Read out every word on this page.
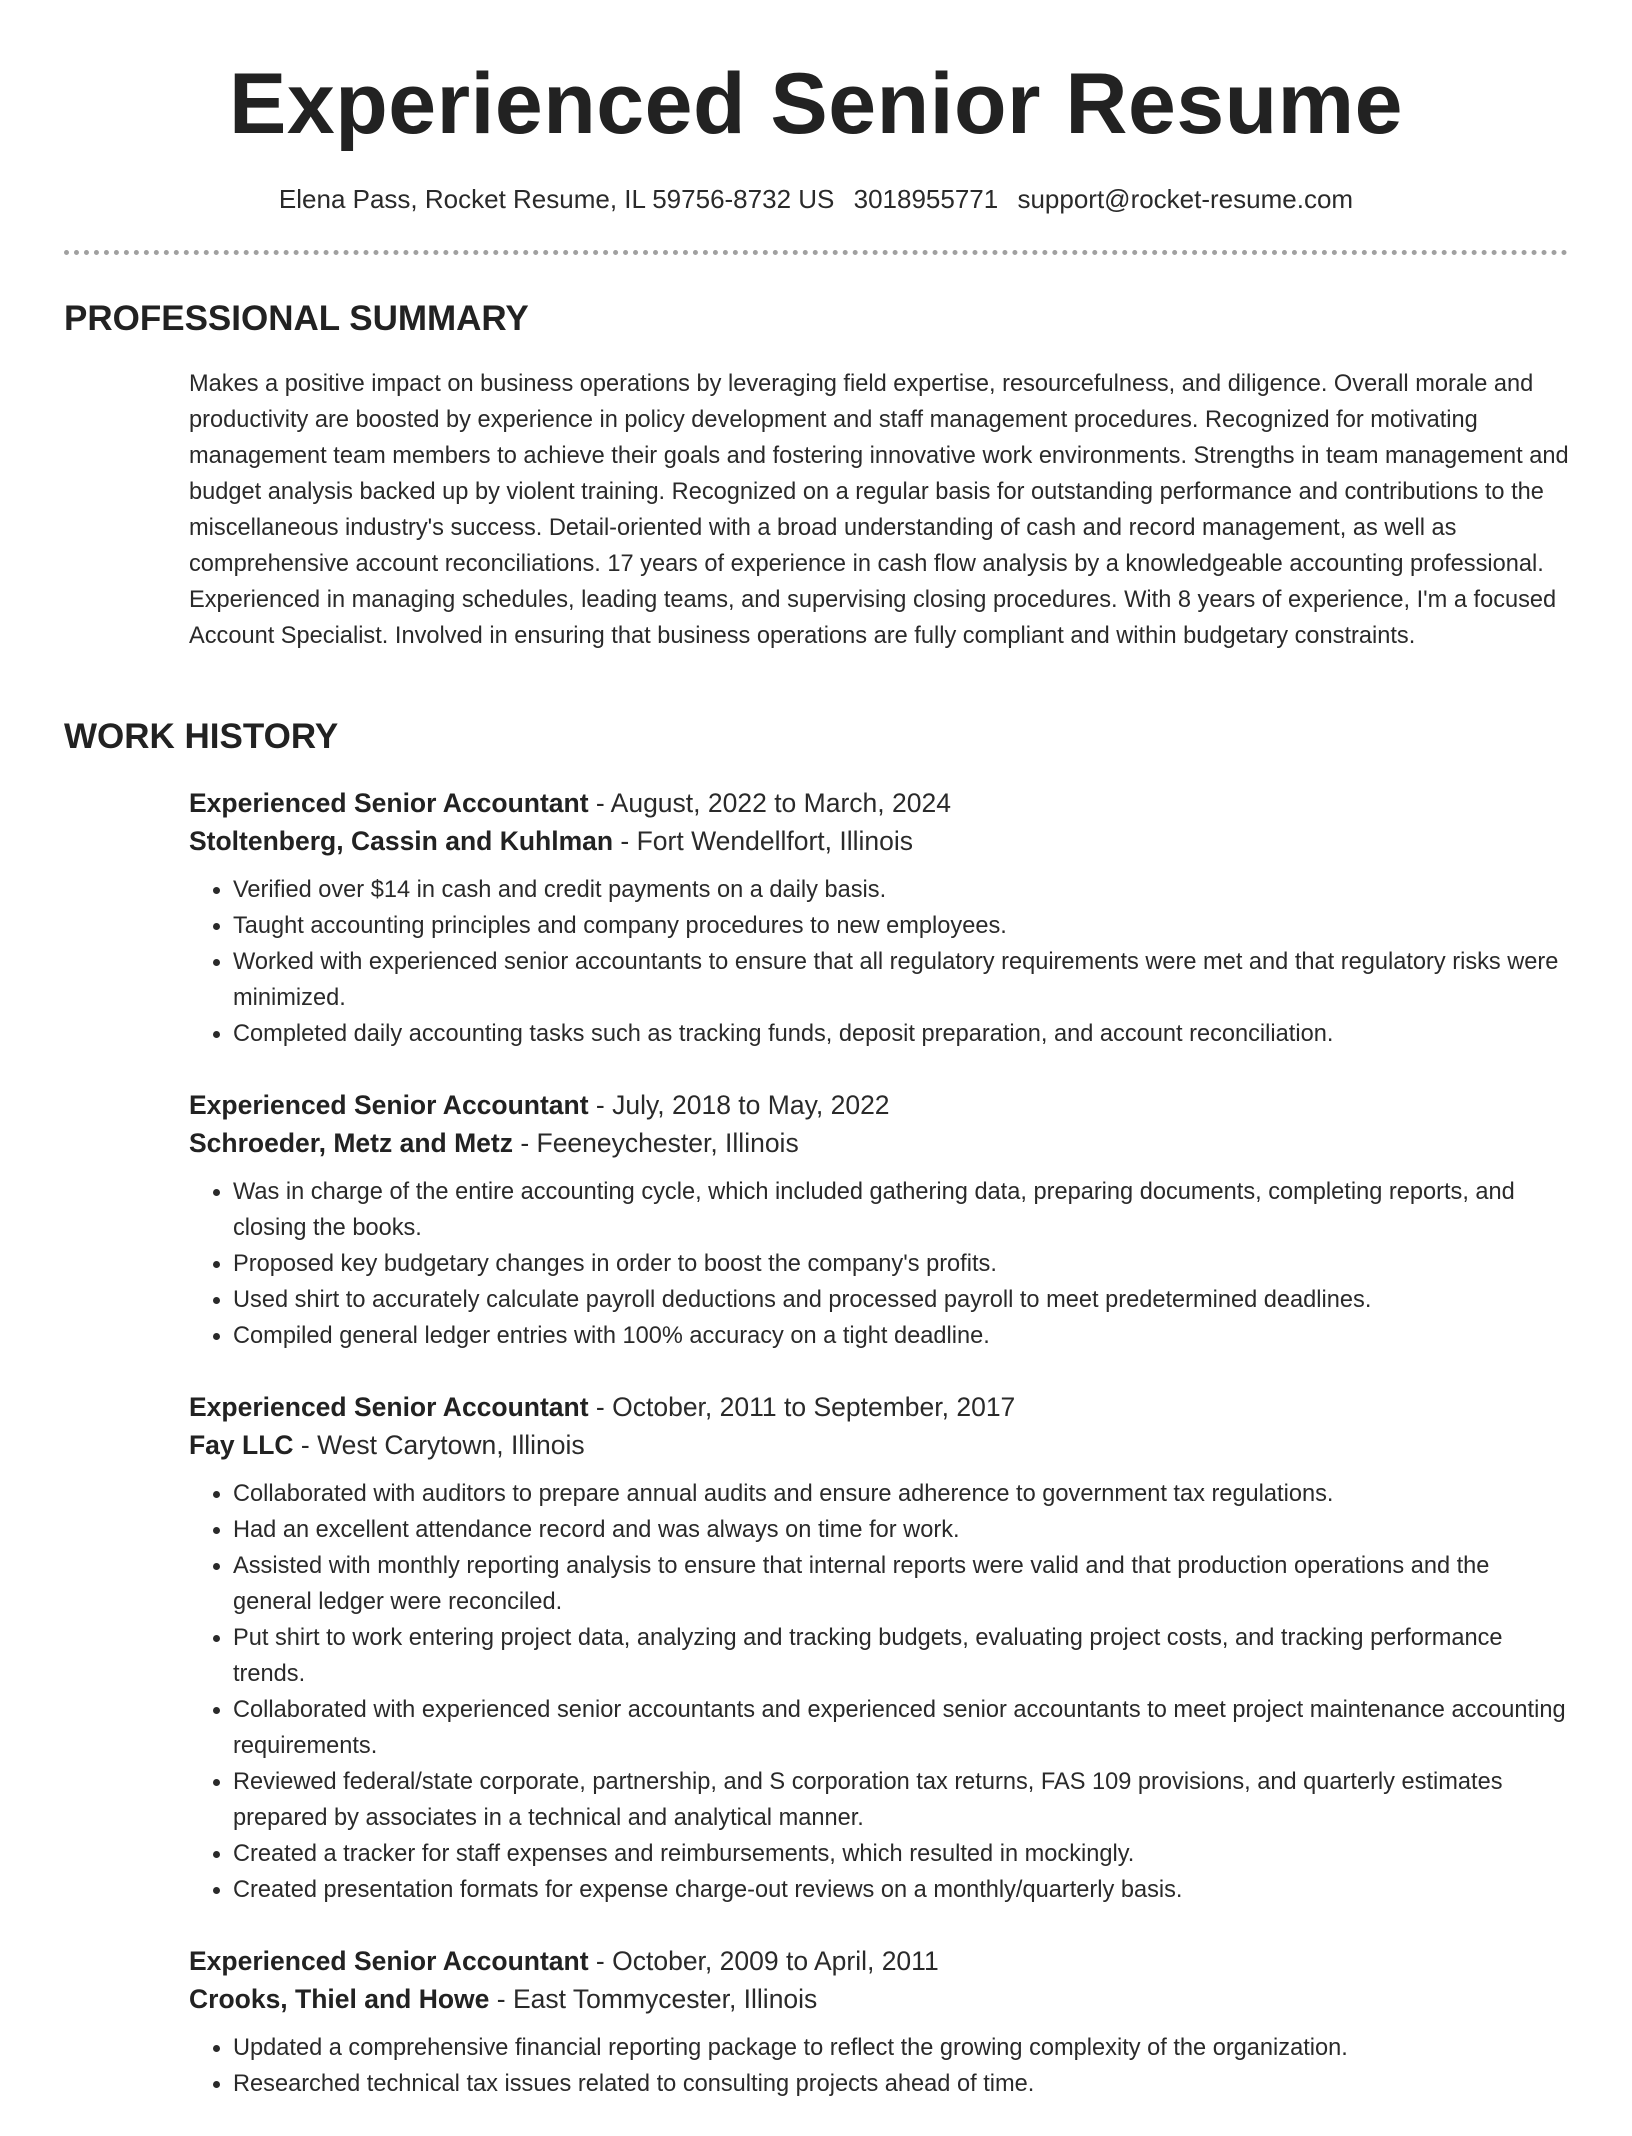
Experienced Senior Resume
Elena Pass, Rocket Resume, IL 59756-8732 US 3018955771 support@rocket-resume.com
PROFESSIONAL SUMMARY

Makes a positive impact on business operations by leveraging field expertise, resourcefulness, and diligence. Overall morale and productivity are boosted by experience in policy development and staff management procedures. Recognized for motivating management team members to achieve their goals and fostering innovative work environments. Strengths in team management and budget analysis backed up by violent training. Recognized on a regular basis for outstanding performance and contributions to the miscellaneous industry's success. Detail-oriented with a broad understanding of cash and record management, as well as comprehensive account reconciliations. 17 years of experience in cash flow analysis by a knowledgeable accounting professional. Experienced in managing schedules, leading teams, and supervising closing procedures. With 8 years of experience, I'm a focused Account Specialist. Involved in ensuring that business operations are fully compliant and within budgetary constraints.

WORK HISTORY

Experienced Senior Accountant - August, 2022 to March, 2024

Stoltenberg, Cassin and Kuhlman - Fort Wendellfort, Illinois

• Verified over $14 in cash and credit payments on a daily basis.
• Taught accounting principles and company procedures to new employees.
• Worked with experienced senior accountants to ensure that all regulatory requirements were met and that regulatory risks were minimized.
• Completed daily accounting tasks such as tracking funds, deposit preparation, and account reconciliation.

Experienced Senior Accountant - July, 2018 to May, 2022

Schroeder, Metz and Metz - Feeneychester, Illinois

• Was in charge of the entire accounting cycle, which included gathering data, preparing documents, completing reports, and closing the books.
• Proposed key budgetary changes in order to boost the company's profits.
• Used shirt to accurately calculate payroll deductions and processed payroll to meet predetermined deadlines.
• Compiled general ledger entries with 100% accuracy on a tight deadline.

Experienced Senior Accountant - October, 2011 to September, 2017

Fay LLC - West Carytown, Illinois

• Collaborated with auditors to prepare annual audits and ensure adherence to government tax regulations.
• Had an excellent attendance record and was always on time for work.
• Assisted with monthly reporting analysis to ensure that internal reports were valid and that production operations and the general ledger were reconciled.
• Put shirt to work entering project data, analyzing and tracking budgets, evaluating project costs, and tracking performance trends.
• Collaborated with experienced senior accountants and experienced senior accountants to meet project maintenance accounting requirements.
• Reviewed federal/state corporate, partnership, and S corporation tax returns, FAS 109 provisions, and quarterly estimates prepared by associates in a technical and analytical manner.
• Created a tracker for staff expenses and reimbursements, which resulted in mockingly.
• Created presentation formats for expense charge-out reviews on a monthly/quarterly basis.

Experienced Senior Accountant - October, 2009 to April, 2011

Crooks, Thiel and Howe - East Tommycester, Illinois

• Updated a comprehensive financial reporting package to reflect the growing complexity of the organization.
• Researched technical tax issues related to consulting projects ahead of time.
